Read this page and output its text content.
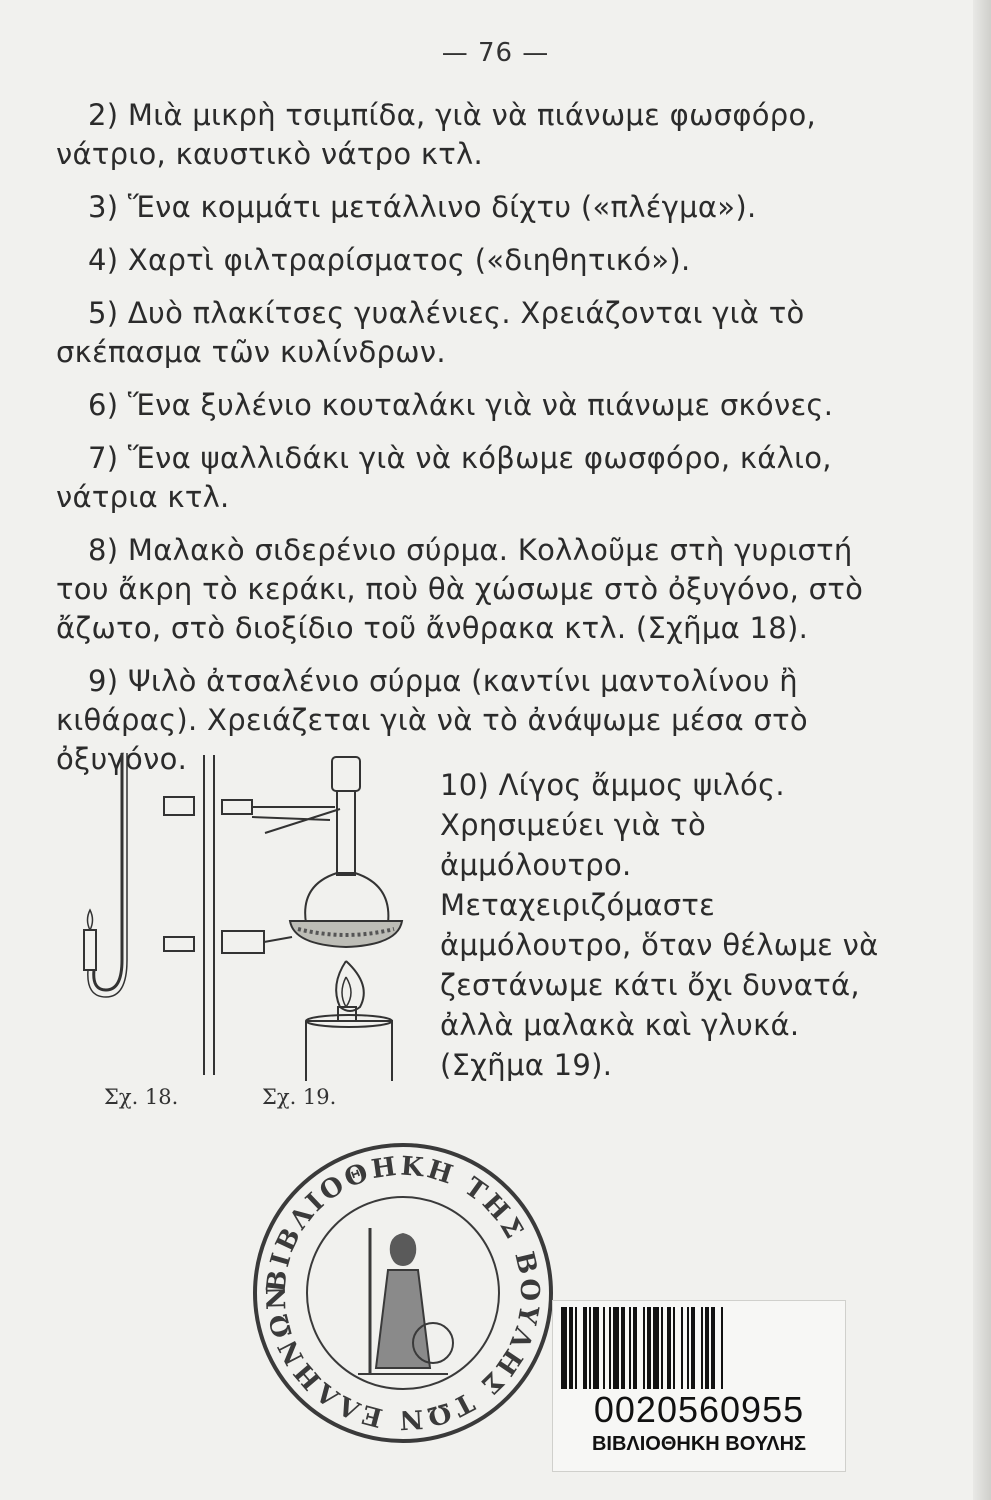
— 76 —

2) Μιὰ μικρὴ τσιμπίδα, γιὰ νὰ πιάνωμε φωσφόρο, νάτριο, καυστικὸ νάτρο κτλ.

3) Ἕνα κομμάτι μετάλλινο δίχτυ («πλέγμα»).

4) Χαρτὶ φιλτραρίσματος («διηθητικό»).

5) Δυὸ πλακίτσες γυαλένιες. Χρειάζονται γιὰ τὸ σκέπασμα τῶν κυλίνδρων.

6) Ἕνα ξυλένιο κουταλάκι γιὰ νὰ πιάνωμε σκόνες.

7) Ἕνα ψαλλιδάκι γιὰ νὰ κόβωμε φωσφόρο, κάλιο, νάτρια κτλ.

8) Μαλακὸ σιδερένιο σύρμα. Κολλοῦμε στὴ γυριστή του ἄκρη τὸ κεράκι, ποὺ θὰ χώσωμε στὸ ὀξυγόνο, στὸ ἄζωτο, στὸ διοξίδιο τοῦ ἄνθρακα κτλ. (Σχῆμα 18).

9) Ψιλὸ ἀτσαλένιο σύρμα (καντίνι μαντολίνου ἢ κιθάρας). Χρειάζεται γιὰ νὰ τὸ ἀνάψωμε μέσα στὸ ὀξυγόνο.

Σχ. 18.	Σχ. 19.

10) Λίγος ἄμμος ψιλός. Χρησιμεύει γιὰ τὸ ἀμμόλουτρο. Μεταχειριζόμαστε ἀμμόλουτρο, ὅταν θέλωμε νὰ ζεστάνωμε κάτι ὄχι δυνατά, ἀλλὰ μαλακὰ καὶ γλυκά. (Σχῆμα 19).

ΒΙΒΛΙΟΘΗΚΗ ΤΗΣ ΒΟΥΛΗΣ ΤΩΝ ΕΛΛΗΝΩΝ
0020560955
ΒΙΒΛΙΟΘΗΚΗ ΒΟΥΛΗΣ
